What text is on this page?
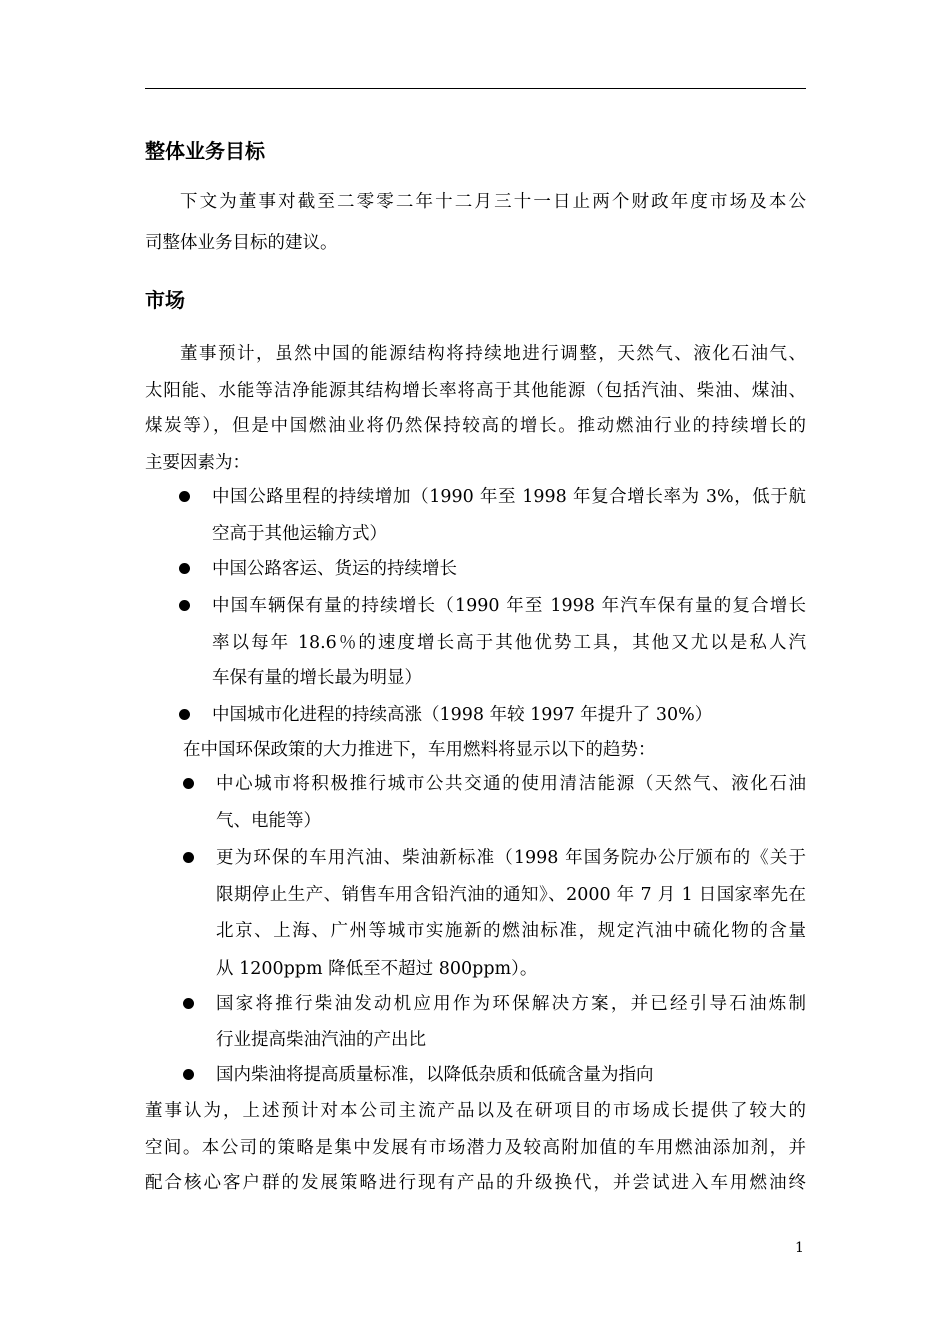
整体业务目标
下文为董事对截至二零零二年十二月三十一日止两个财政年度市场及本公
司整体业务目标的建议。
市场
董事预计，虽然中国的能源结构将持续地进行调整，天然气、液化石油气、
太阳能、水能等洁净能源其结构增长率将高于其他能源（包括汽油、柴油、煤油、
煤炭等），但是中国燃油业将仍然保持较高的增长。推动燃油行业的持续增长的
主要因素为：
中国公路里程的持续增加（1990 年至 1998 年复合增长率为 3%，低于航
空高于其他运输方式）
中国公路客运、货运的持续增长
中国车辆保有量的持续增长（1990 年至 1998 年汽车保有量的复合增长
率以每年 18.6％的速度增长高于其他优势工具，其他又尤以是私人汽
车保有量的增长最为明显）
中国城市化进程的持续高涨（1998 年较 1997 年提升了 30%）
在中国环保政策的大力推进下，车用燃料将显示以下的趋势：
中心城市将积极推行城市公共交通的使用清洁能源（天然气、液化石油
气、电能等）
更为环保的车用汽油、柴油新标准（1998 年国务院办公厅颁布的《关于
限期停止生产、销售车用含铅汽油的通知》、2000 年 7 月 1 日国家率先在
北京、上海、广州等城市实施新的燃油标准，规定汽油中硫化物的含量
从 1200ppm 降低至不超过 800ppm）。
国家将推行柴油发动机应用作为环保解决方案，并已经引导石油炼制
行业提高柴油汽油的产出比
国内柴油将提高质量标准，以降低杂质和低硫含量为指向
董事认为，上述预计对本公司主流产品以及在研项目的市场成长提供了较大的
空间。本公司的策略是集中发展有市场潜力及较高附加值的车用燃油添加剂，并
配合核心客户群的发展策略进行现有产品的升级换代，并尝试进入车用燃油终
1
